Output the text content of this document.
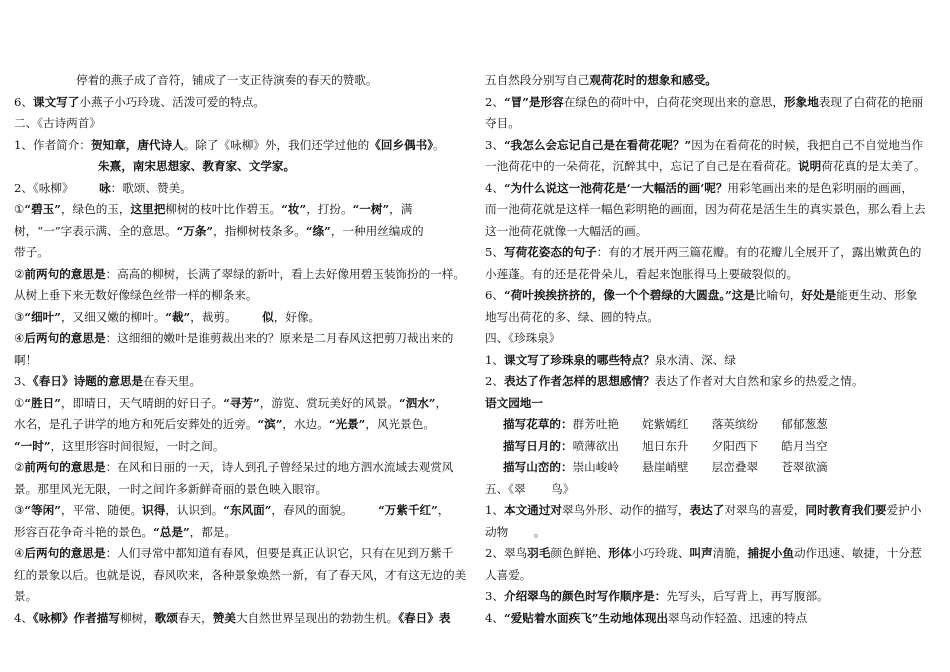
停着的燕子成了音符，铺成了一支正待演奏的春天的赞歌。
6、课文写了小燕子小巧玲珑、活泼可爱的特点。
二、《古诗两首》
1、作者简介：贺知章，唐代诗人。除了《咏柳》外，我们还学过他的《回乡偶书》。
朱熹，南宋思想家、教育家、文学家。
2、《咏柳》 咏：歌颂、赞美。
①“碧玉”，绿色的玉，这里把柳树的枝叶比作碧玉。“妆”，打扮。“一树”，满
树，“一”字表示满、全的意思。“万条”，指柳树枝条多。“绦”，一种用丝编成的
带子。
②前两句的意思是：高高的柳树，长满了翠绿的新叶，看上去好像用碧玉装饰扮的一样。
从树上垂下来无数好像绿色丝带一样的柳条来。
③“细叶”，又细又嫩的柳叶。“裁”，裁剪。 似，好像。
④后两句的意思是：这细细的嫩叶是谁剪裁出来的？原来是二月春风这把剪刀裁出来的
啊！
3、《春日》诗题的意思是在春天里。
①“胜日”，即晴日，天气晴朗的好日子。“寻芳”，游览、赏玩美好的风景。“泗水”，
水名，是孔子讲学的地方和死后安葬处的近旁。“滨”，水边。“光景”，风光景色。
“一时”，这里形容时间很短，一时之间。
②前两句的意思是：在风和日丽的一天，诗人到孔子曾经呆过的地方泗水流域去观赏风
景。那里风光无限，一时之间许多新鲜奇丽的景色映入眼帘。
③“等闲”，平常、随便。识得，认识到。“东风面”，春风的面貌。 “万紫千红”，
形容百花争奇斗艳的景色。“总是”，都是。
④后两句的意思是：人们寻常中都知道有春风，但要是真正认识它，只有在见到万紫千
红的景象以后。也就是说，春风吹来，各种景象焕然一新，有了春天风，才有这无边的美
景。
4、《咏柳》作者描写柳树，歌颂春天，赞美大自然世界呈现出的勃勃生机。《春日》表
五自然段分别写自己观荷花时的想象和感受。
2、“冒”是形容在绿色的荷叶中，白荷花突现出来的意思，形象地表现了白荷花的艳丽
夺目。
3、“我怎么会忘记自己是在看荷花呢？”因为在看荷花的时候，我把自己不自觉地当作
一池荷花中的一朵荷花，沉醉其中，忘记了自己是在看荷花。说明荷花真的是太美了。
4、“为什么说这一池荷花是‘一大幅活的画’呢？用彩笔画出来的是色彩明丽的画画，
而一池荷花就是这样一幅色彩明艳的画面，因为荷花是活生生的真实景色，那么看上去
这一池荷花就像一大幅活的画。
5、写荷花姿态的句子：有的才展开两三篇花瓣。有的花瓣儿全展开了，露出嫩黄色的
小莲蓬。有的还是花骨朵儿，看起来饱胀得马上要破裂似的。
6、“荷叶挨挨挤挤的，像一个个碧绿的大圆盘。”这是比喻句，好处是能更生动、形象
地写出荷花的多、绿、圆的特点。
四、《珍珠泉》
1、课文写了珍珠泉的哪些特点？泉水清、深、绿
2、表达了作者怎样的思想感情？表达了作者对大自然和家乡的热爱之情。
语文园地一
描写花草的：群芳吐艳　　姹紫嫣红　　落英缤纷　　郁郁葱葱
描写日月的：喷薄欲出　　旭日东升　　夕阳西下　　皓月当空
描写山峦的：崇山峻岭　　悬崖峭壁　　层峦叠翠　　苍翠欲滴
五、《翠 鸟》
1、本文通过对翠鸟外形、动作的描写，表达了对翠鸟的喜爱，同时教育我们要爱护小
动物 。
2、翠鸟羽毛颜色鲜艳、形体小巧玲珑、叫声清脆，捕捉小鱼动作迅速、敏捷，十分惹
人喜爱。
3、介绍翠鸟的颜色时写作顺序是：先写头，后写背上，再写腹部。
4、“爱贴着水面疾飞”生动地体现出翠鸟动作轻盈、迅速的特点
